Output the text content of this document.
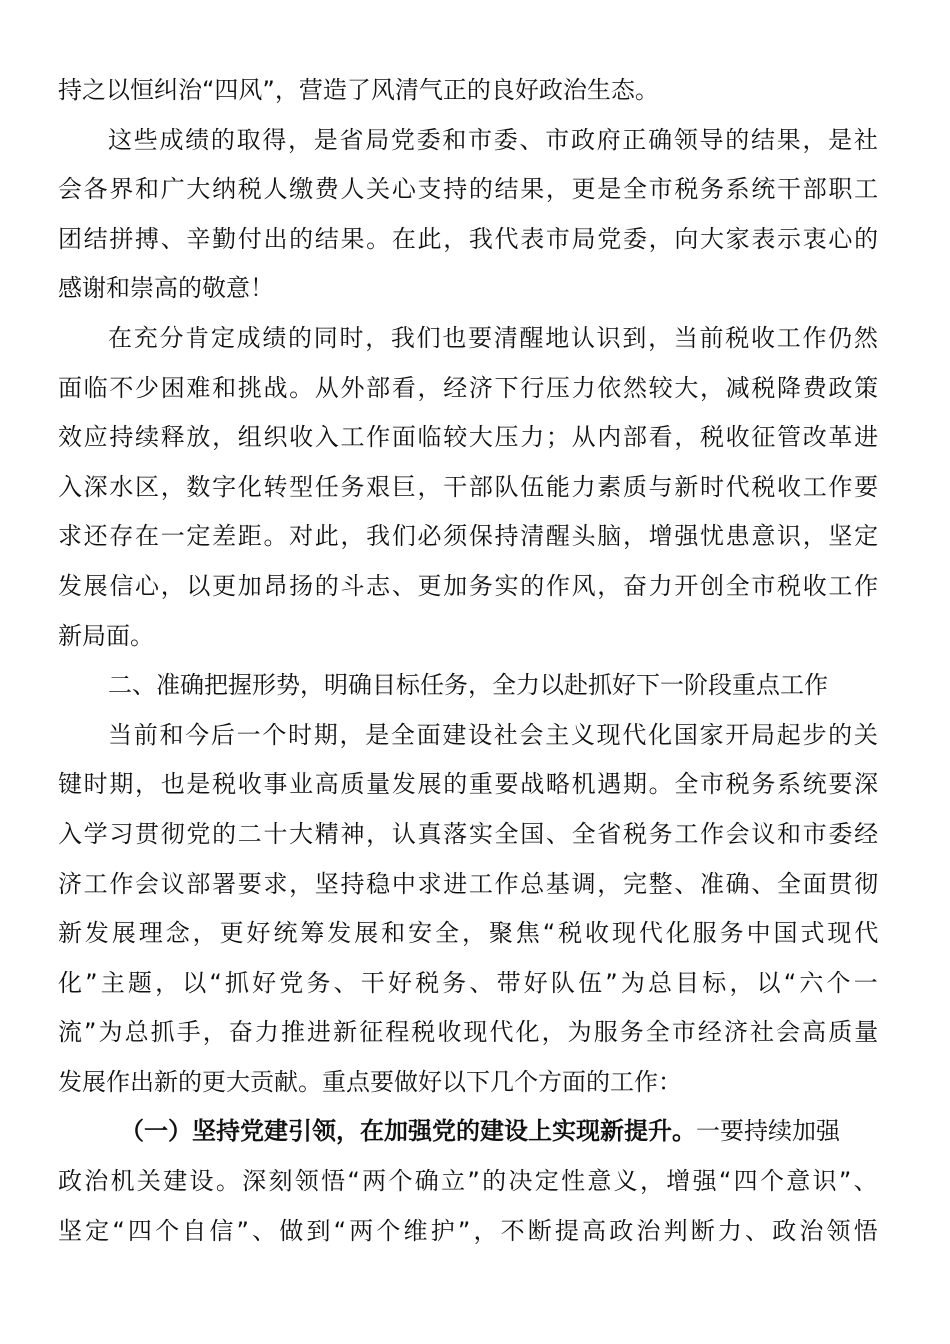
持之以恒纠治“四风”，营造了风清气正的良好政治生态。
这些成绩的取得，是省局党委和市委、市政府正确领导的结果，是社
会各界和广大纳税人缴费人关心支持的结果，更是全市税务系统干部职工
团结拼搏、辛勤付出的结果。在此，我代表市局党委，向大家表示衷心的
感谢和崇高的敬意！
在充分肯定成绩的同时，我们也要清醒地认识到，当前税收工作仍然
面临不少困难和挑战。从外部看，经济下行压力依然较大，减税降费政策
效应持续释放，组织收入工作面临较大压力；从内部看，税收征管改革进
入深水区，数字化转型任务艰巨，干部队伍能力素质与新时代税收工作要
求还存在一定差距。对此，我们必须保持清醒头脑，增强忧患意识，坚定
发展信心，以更加昂扬的斗志、更加务实的作风，奋力开创全市税收工作
新局面。
二、准确把握形势，明确目标任务，全力以赴抓好下一阶段重点工作
当前和今后一个时期，是全面建设社会主义现代化国家开局起步的关
键时期，也是税收事业高质量发展的重要战略机遇期。全市税务系统要深
入学习贯彻党的二十大精神，认真落实全国、全省税务工作会议和市委经
济工作会议部署要求，坚持稳中求进工作总基调，完整、准确、全面贯彻
新发展理念，更好统筹发展和安全，聚焦“税收现代化服务中国式现代
化”主题，以“抓好党务、干好税务、带好队伍”为总目标，以“六个一
流”为总抓手，奋力推进新征程税收现代化，为服务全市经济社会高质量
发展作出新的更大贡献。重点要做好以下几个方面的工作：
（一）坚持党建引领，在加强党的建设上实现新提升。 一要持续加强
政治机关建设。深刻领悟“两个确立”的决定性意义，增强“四个意识”、
坚定“四个自信”、做到“两个维护”，不断提高政治判断力、政治领悟
